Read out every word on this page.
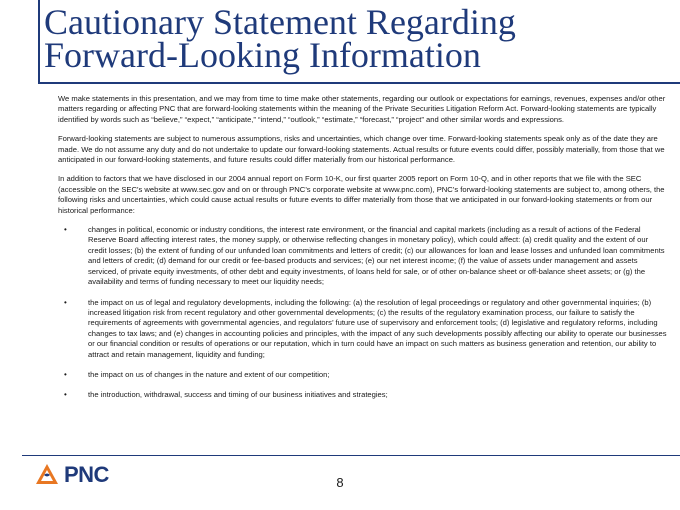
Cautionary Statement Regarding
Forward-Looking Information

We make statements in this presentation, and we may from time to time make other statements, regarding our outlook or expectations for earnings, revenues, expenses and/or other matters regarding or affecting PNC that are forward-looking statements within the meaning of the Private Securities Litigation Reform Act. Forward-looking statements are typically identified by words such as “believe,” “expect,” “anticipate,” “intend,” “outlook,” “estimate,” “forecast,” “project” and other similar words and expressions.

Forward-looking statements are subject to numerous assumptions, risks and uncertainties, which change over time. Forward-looking statements speak only as of the date they are made. We do not assume any duty and do not undertake to update our forward-looking statements. Actual results or future events could differ, possibly materially, from those that we anticipated in our forward-looking statements, and future results could differ materially from our historical performance.

In addition to factors that we have disclosed in our 2004 annual report on Form 10-K, our first quarter 2005 report on Form 10-Q, and in other reports that we file with the SEC (accessible on the SEC’s website at www.sec.gov and on or through PNC’s corporate website at www.pnc.com), PNC’s forward-looking statements are subject to, among others, the following risks and uncertainties, which could cause actual results or future events to differ materially from those that we anticipated in our forward-looking statements or from our historical performance:

•	changes in political, economic or industry conditions, the interest rate environment, or the financial and capital markets (including as a result of actions of the Federal Reserve Board affecting interest rates, the money supply, or otherwise reflecting changes in monetary policy), which could affect: (a) credit quality and the extent of our credit losses; (b) the extent of funding of our unfunded loan commitments and letters of credit; (c) our allowances for loan and lease losses and unfunded loan commitments and letters of credit; (d) demand for our credit or fee-based products and services; (e) our net interest income; (f) the value of assets under management and assets serviced, of private equity investments, of other debt and equity investments, of loans held for sale, or of other on-balance sheet or off-balance sheet assets; or (g) the availability and terms of funding necessary to meet our liquidity needs;
•	the impact on us of legal and regulatory developments, including the following: (a) the resolution of legal proceedings or regulatory and other governmental inquiries; (b) increased litigation risk from recent regulatory and other governmental developments; (c) the results of the regulatory examination process, our failure to satisfy the requirements of agreements with governmental agencies, and regulators’ future use of supervisory and enforcement tools; (d) legislative and regulatory reforms, including changes to tax laws; and (e) changes in accounting policies and principles, with the impact of any such developments possibly affecting our ability to operate our businesses or our financial condition or results of operations or our reputation, which in turn could have an impact on such matters as business generation and retention, our ability to attract and retain management, liquidity and funding;
•	the impact on us of changes in the nature and extent of our competition;
•	the introduction, withdrawal, success and timing of our business initiatives and strategies;
PNC	8
